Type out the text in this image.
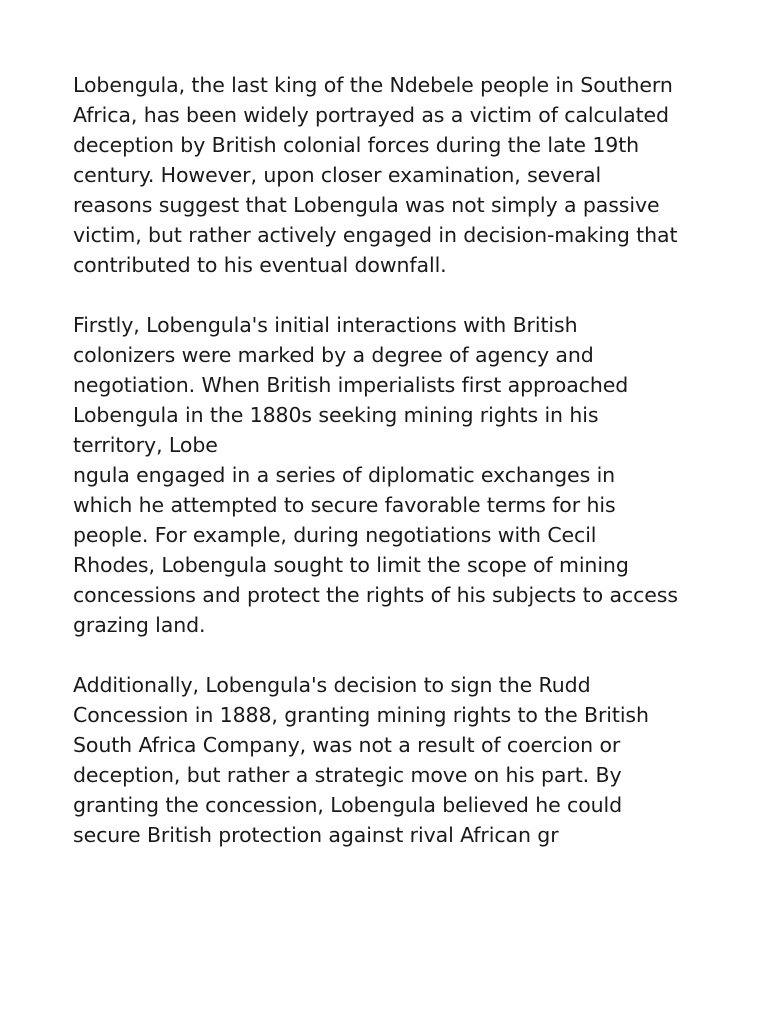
Lobengula, the last king of the Ndebele people in Southern
Africa, has been widely portrayed as a victim of calculated
deception by British colonial forces during the late 19th
century. However, upon closer examination, several
reasons suggest that Lobengula was not simply a passive
victim, but rather actively engaged in decision-making that
contributed to his eventual downfall.
Firstly, Lobengula's initial interactions with British
colonizers were marked by a degree of agency and
negotiation. When British imperialists first approached
Lobengula in the 1880s seeking mining rights in his
territory, Lobe
ngula engaged in a series of diplomatic exchanges in
which he attempted to secure favorable terms for his
people. For example, during negotiations with Cecil
Rhodes, Lobengula sought to limit the scope of mining
concessions and protect the rights of his subjects to access
grazing land.
Additionally, Lobengula's decision to sign the Rudd
Concession in 1888, granting mining rights to the British
South Africa Company, was not a result of coercion or
deception, but rather a strategic move on his part. By
granting the concession, Lobengula believed he could
secure British protection against rival African gr
